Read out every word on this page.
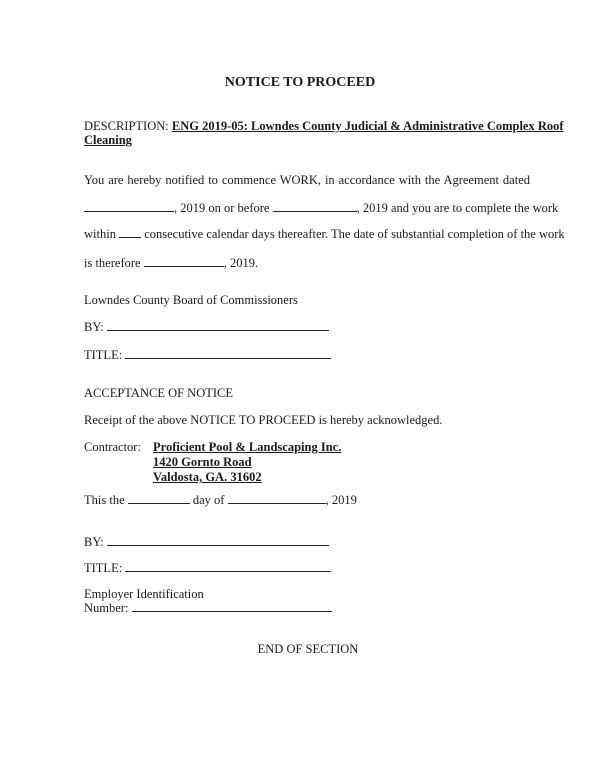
NOTICE TO PROCEED
DESCRIPTION: ENG 2019-05: Lowndes County Judicial & Administrative Complex Roof
Cleaning
You are hereby notified to commence WORK, in accordance with the Agreement dated
, 2019 on or before	, 2019 and you are to complete the work
within consecutive calendar days thereafter. The date of substantial completion of the work
is therefore	, 2019.
Lowndes County Board of Commissioners
BY:
TITLE:
ACCEPTANCE OF NOTICE
Receipt of the above NOTICE TO PROCEED is hereby acknowledged.
Contractor: Proficient Pool & Landscaping Inc.
1420 Gornto Road
Valdosta, GA. 31602
This the	day of	, 2019
BY:
TITLE:
Employer Identification
Number:
END OF SECTION
